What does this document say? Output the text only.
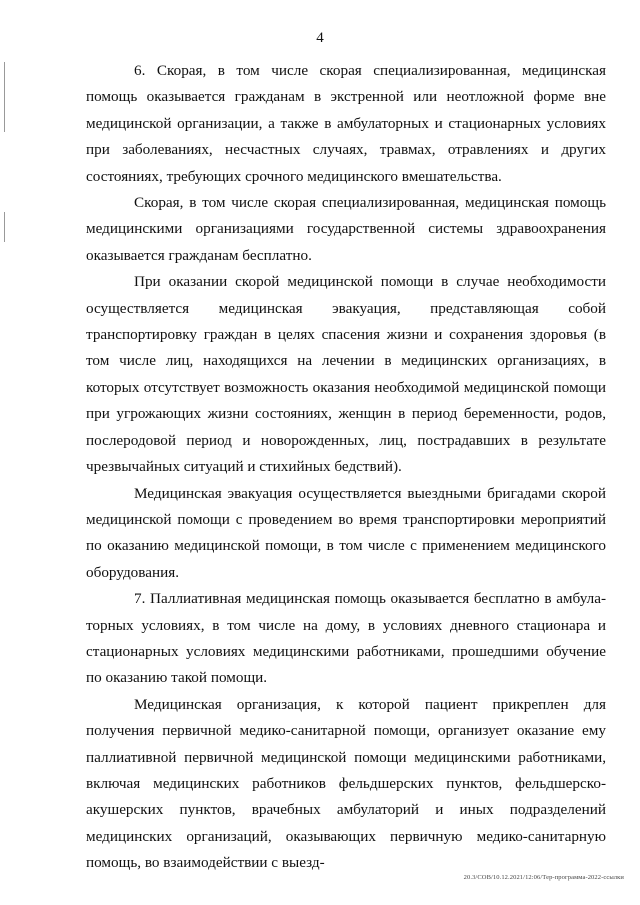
4

6. Скорая, в том числе скорая специализированная, медицинская помощь оказывается гражданам в экстренной или неотложной форме вне медицинской организации, а также в амбулаторных и стационарных условиях при заболеваниях, несчастных случаях, травмах, отравлениях и других состояниях, требующих срочного медицинского вмешательства.

Скорая, в том числе скорая специализированная, медицинская помощь медицинскими организациями государственной системы здравоохранения оказывается гражданам бесплатно.

При оказании скорой медицинской помощи в случае необходимости осуществляется медицинская эвакуация, представляющая собой транспортировку граждан в целях спасения жизни и сохранения здоровья (в том числе лиц, находящихся на лечении в медицинских организациях, в которых отсутствует возможность оказания необходимой медицинской помощи при угрожающих жизни состояниях, женщин в период беременности, родов, послеродовой период и новорожденных, лиц, пострадавших в результате чрезвычайных ситуаций и стихийных бедствий).

Медицинская эвакуация осуществляется выездными бригадами скорой медицинской помощи с проведением во время транспортировки мероприятий по оказанию медицинской помощи, в том числе с применением медицинского оборудования.

7. Паллиативная медицинская помощь оказывается бесплатно в амбулаторных условиях, в том числе на дому, в условиях дневного стационара и стационарных условиях медицинскими работниками, прошедшими обучение по оказанию такой помощи.

Медицинская организация, к которой пациент прикреплен для получения первичной медико-санитарной помощи, организует оказание ему паллиативной первичной медицинской помощи медицинскими работниками, включая медицинских работников фельдшерских пунктов, фельдшерско-акушерских пунктов, врачебных амбулаторий и иных подразделений медицинских организаций, оказывающих первичную медико-санитарную помощь, во взаимодействии с выезд-

20.3/СОВ/10.12.2021/12:06/Тер-программа-2022-ссылки
